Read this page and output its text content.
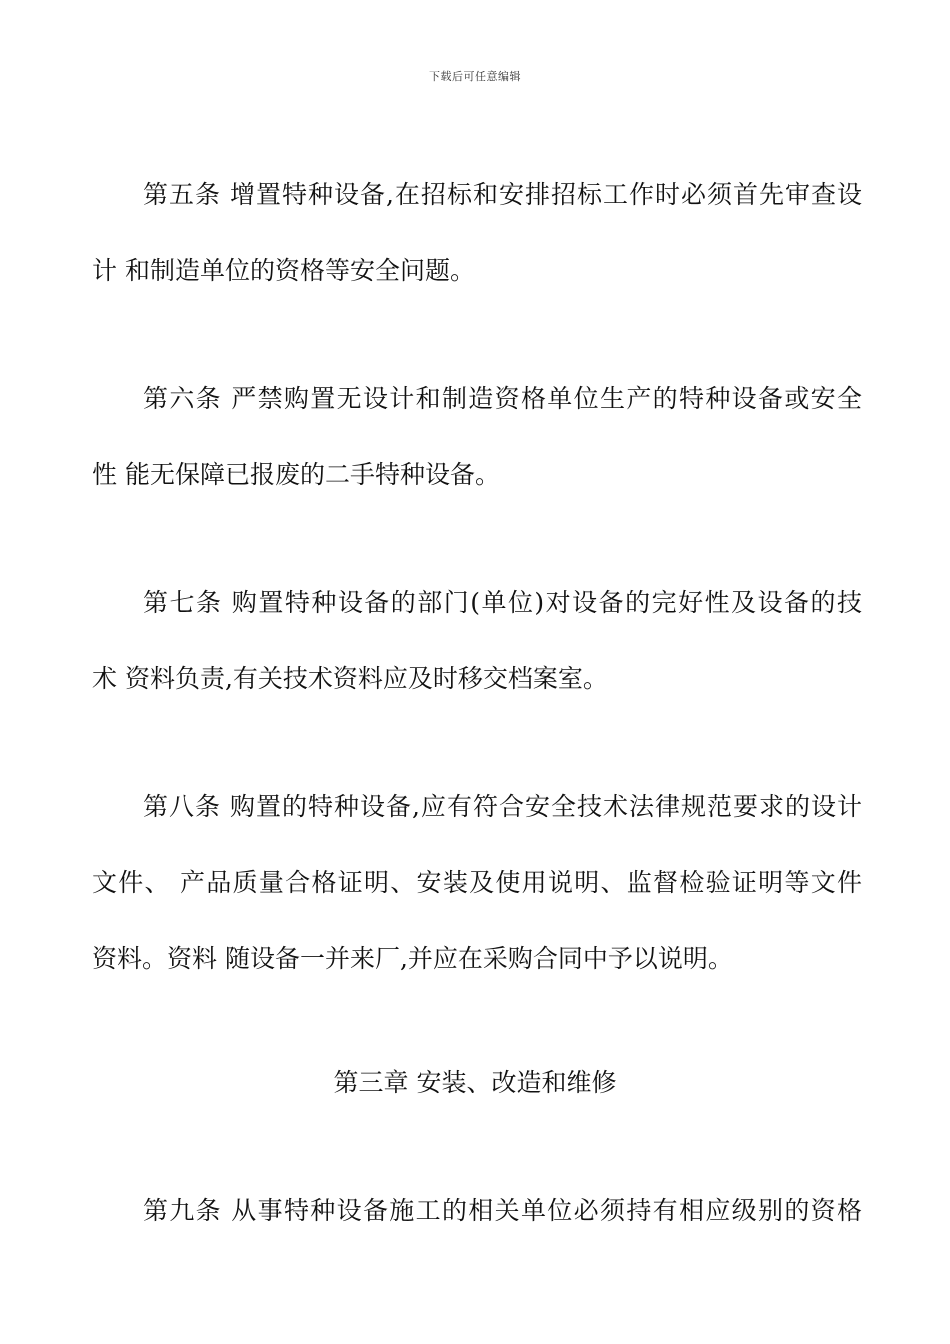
下载后可任意编辑
第五条 增置特种设备,在招标和安排招标工作时必须首先审查设
计 和制造单位的资格等安全问题。
第六条 严禁购置无设计和制造资格单位生产的特种设备或安全
性 能无保障已报废的二手特种设备。
第七条 购置特种设备的部门(单位)对设备的完好性及设备的技
术 资料负责,有关技术资料应及时移交档案室。
第八条 购置的特种设备,应有符合安全技术法律规范要求的设计
文件、 产品质量合格证明、安装及使用说明、监督检验证明等文件
资料。资料 随设备一并来厂,并应在采购合同中予以说明。
第三章 安装、改造和维修
第九条 从事特种设备施工的相关单位必须持有相应级别的资格
